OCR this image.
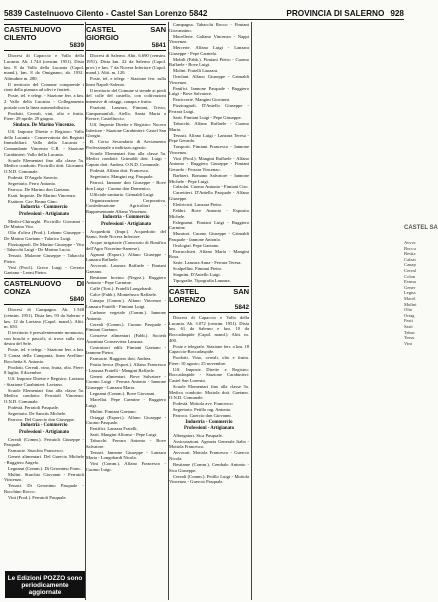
5839 Castelnuovo Cilento - Castel San Lorenzo 5842	PROVINCIA DI SALERNO 928
CASTELNUOVO CILENTO
5839

Diocesi di Capaccio e Vallo della Lucania. Ab. 1.744 (censim. 1951). Dista km. 8 da Vallo della Lucania (Capol. mand.), km. 8 da Omignano, ab. 1931. Altitudine m. 280.

Il territorio del Comune comprende i rioni della pianura ad ulivi e frutteti.

Poste, tel. e telegr. - Stazione ferr. a km. 2 Vallo della Lucania - Collegamento postale con la linea automobilistica.

Prodotti. Cereali, vini, olio e frutta. Fiere: 29 aprile; 29 giugno.

Sindaco. De Marino Vincenzo.

Uff. Imposte Dirette e Registro: Vallo della Lucania - Conservatoria dei Registri Immobiliari: Vallo della Lucania - Comandante Vincenzo C.R. - Stazione Carabinieri: Vallo della Lucania.

Scuole Elementari fino alla classe 5a. Medico condotto: Piccirillo dott. Giovanni. O.N.D. Comunale.

Podestà. D'Angelo Saverio.

Segretario. Ferro Antonio.

Parroco. De Marino don Gaetano.

Esatt. Imposte. De Marino Vincenzo.

Esattore. Cav. Bruno Gino.

Industria - Commercio

Professioni - Artigianato

Medici-Chirurghi. Piccirillo Giovanni - De Marino Vito.

Olio d'oliva (Prod.). Lebano Giuseppe - De Marino Gaetano - Talarico Luigi.

Pizzicagnoli. De Marino Giuseppe - Vito - Tabacchi Luigi - De Marino Lucia.

Tessuti. Malzone Giuseppe - Tabacchi Pietro.

Vini (Prod.). Greco Luigi - Cerrato Gaetano - Leoni Pietro.

CASTELNUOVO DI CONZA
5840

Diocesi di Campagna. Ab. 1.548 (censim. 1951). Dista km. 93 da Salerno e km. 12 da Laviano (Capol. mand.). Altit. m. 650.

Il territorio è prevalentemente montuoso, con boschi e pascoli; si trova sulla riva destra del Sele.

Poste, tel. e telegr. - Stazione ferr. a km. 5 Conza della Campania, linea Avellino-Rocchetta S. Antonio.

Prodotti. Cereali, vino, frutta, olio. Fiere: 8 luglio; 8 dicembre.

Uff. Imposte Dirette e Registro: Laviano - Stazione Carabinieri: Laviano.

Scuole Elementari fino alla classe 5a. Medico condotto: Ferraioli Vincenzo. O.N.D. Comunale.

Podestà. Ferraioli Pasquale.

Segretario. De Sanctis Michele.

Parroco. Del Guercio don Giuseppe.

Industria - Commercio

Professioni - Artigianato

Cereali (Comm.). Ferraioli Giuseppe - Pasquale.

Farmacie. Sturchio Francesco.

Generi alimentari. Del Guercio Michele - Ruggiero Angelo.

Legnami (Comm.). Di Geronimo Franc.

Mulini. Sturchio Giovanni - Ferraioli Vincenzo.

Tessuti. Di Geronimo Pasquale - Bocchino Rocco.

Vini (Prod.). Ferraioli Pasquale.

CASTEL SAN GIORGIO
5841

Diocesi di Salerno. Abit. 6.690 (censim. 1951). Dista km. 22 da Salerno (Capol. prov.) e km. 7 da Nocera Inferiore (Capol. mand.). Altit. m. 120.

Poste, tel. e telegr. - Stazione ferr. sulla linea Napoli-Salerno.

Il territorio del Comune si stende ai piedi del colle del castello, con coltivazioni intensive di ortaggi, canapa e frutta.

Frazioni. Lanzara, Fimiani, Trivio, Campomanfoli, Aiello, Santa Maria a Favore, Castelluccio.

Uff. Imposte Dirette e Registro: Nocera Inferiore - Stazione Carabinieri: Castel San Giorgio.

R. Corso Secondario di Avviamento Professionale a indirizzo agrario.

Scuole Elementari fino alla classe 5a. Medici condotti: Grimaldi dott. Luigi - Caputo dott. Andrea. O.N.D. Comunale.

Podestà. Alfano dott. Francesco.

Segretario. Mangini rag. Pasquale.

Parroci. Iannone don Giuseppe - Bove don Luigi - Cuomo don Domenico.

Ufficiale sanitario. Grimaldi Luigi.

Organizzazione Corporativa. Confederazione Agricoltori - Rappresentante Alfano Vincenzo.

Industria - Commercio

Professioni - Artigianato

Acquedotti (Impr.). Acquedotto del Sarno, Sede Nocera Inferiore.

Acque irrigatorie (Consorzio di Bonifica dell'Agro Nocerino-Sarnese).

Agrumi (Esport.). Alfano Giuseppe - Lanzara Raffaele.

Avvocati. Lanzara Raffaele - Fimiani Gaetano.

Bestiame bovino (Negoz.). Ruggiero Antonio - Pepe Carmine.

Caffè (Tost.). Fratelli Longobardi.

Calce (Fabb.). Montefusco Raffaele.

Canapa (Comm.). Alfano Vincenzo - Lanzara Fratelli - Fimiani Luigi.

Carbone vegetale (Comm.). Iannone Antonio.

Cereali (Comm.). Cuomo Pasquale - Fimiani Gaetano.

Conserve alimentari (Fabb.). Società Anonima Conserviera Lanzara.

Costruttori edili. Fimiani Gaetano - Iannone Pietro.

Farmacie. Ruggiero dott. Andrea.

Frutta fresca (Esport.). Alfano Francesco - Lanzara Fratelli - Mangini Raffaele.

Generi alimentari. Bove Salvatore - Cuomo Luigi - Ferrara Antonio - Iannone Giuseppe - Lanzara Maria.

Legnami (Comm.). Bove Giovanni.

Macellai. Pepe Carmine - Ruggiero Luigi.

Mulini. Fimiani Gaetano.

Ortaggi (Esport.). Alfano Giuseppe - Cuomo Pasquale.

Pastifici. Lanzara Fratelli.

Sarti. Mangini Alfonso - Pepe Luigi.

Tabacchi. Ferrara Antonio - Bove Salvatore.

Tessuti. Iannone Giuseppe - Lanzara Maria - Longobardi Nicola.

Vini (Comm.). Alfano Francesco - Cuomo Luigi.

Campagna. Tabacchi Rocco - Fimiani Giovannino.

Macellerie. Galiano Vincenzo - Nappi Vincenzo.

Mercerie. Alfano Luigi - Lanzara Giuseppe - Pepe Carmela.

Mobili (Fabb.). Fimiani Pietro - Cuomo Raffaele - Bove Luigi.

Molini. Fratelli Lanzara.

Ortolani. Alfano Giuseppe - Grimaldi Vincenzo.

Panifici. Iannone Pasquale - Ruggiero Luigi - Bove Salvatore.

Pasticcerie. Mangini Giovanni.

Pizzicagnoli. D'Aniello Giuseppe - Ferrara Luigi.

Sarti. Fimiani Luigi - Pepe Giuseppe.

Tabacchi. Alfano Raffaele - Cuomo Maria.

Tessuti. Alfano Luigi - Lanzara Teresa - Pepe Gerardo.

Trasporti. Fimiani Francesco - Iannone Vincenzo.

Vini (Prod.). Mangini Raffaele - Alfano Antonio - Ruggiero Giuseppe - Fimiani Gerardo - Ferrara Vincenzo.

Barbieri. Romano Salvatore - Iannone Michele - Pepe Luigi.

Calzolai. Cuomo Antonio - Fimiani Ciro.

Carrettieri. D'Aniello Pasquale - Alfano Giuseppe.

Elettricisti. Lanzara Pietro.

Fabbri. Bove Antonio - Esposito Michele.

Falegnami. Fimiani Luigi - Ruggiero Carmine.

Muratori. Cuomo Giuseppe - Grimaldi Pasquale - Iannone Antonio.

Orologiai. Pepe Gaetano.

Parrucchieri. Alfano Maria - Mangini Rosa.

Sarte. Lanzara Anna - Ferrara Teresa.

Scalpellini. Fimiani Pietro.

Stagnini. D'Aniello Luigi.

Tipografie. Tipografia Lanzara.

CASTEL SAN LORENZO
5842

Diocesi di Capaccio e Vallo della Lucania. Ab. 3.072 (censim. 1951). Dista km. 61 da Salerno e km. 10 da Roccadaspide (Capol. mand.). Altit. m. 400.

Poste e telegrafo. Stazione ferr. a km. 18 Capaccio-Roccadaspide.

Prodotti. Vino, cereali, olio e frutta. Fiere: 10 agosto; 25 novembre.

Uff. Imposte Dirette e Registro: Roccadaspide - Stazione Carabinieri: Castel San Lorenzo.

Scuole Elementari fino alla classe 5a. Medico condotto: Mottola dott. Gaetano. O.N.D. Comunale.

Podestà. Mottola avv. Francesco.

Segretario. Petillo rag. Antonio.

Parroco. Guercio don Giovanni.

Industria - Commercio

Professioni - Artigianato

Albergatori. Sica Pasquale.

Assicurazioni. Agenzia Generale Italia - Mottola Francesco.

Avvocati. Mottola Francesco - Guercio Nicola.

Bestiame (Comm.). Cembalo Antonio - Sica Giuseppe.

Cereali (Comm.). Petillo Luigi - Mottola Vincenzo - Guercio Pasquale.

Le Edizioni POZZO sono
periodicamente aggiornate
CASTEL SA
Avvoc
Boccu
Bestia
Calzat
Canap
Cereal
Colon
Farma
Gener
Legna
Macel
Mulini
Olio
Ortag
Pasti
Sarti
Tabac
Tessu
Vini
